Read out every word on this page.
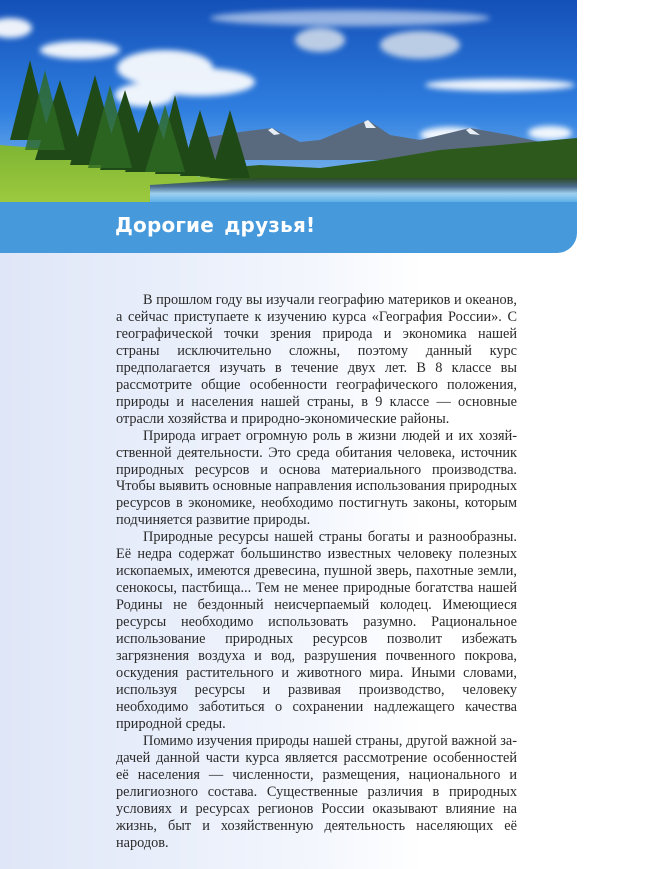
Дорогие друзья!

В прошлом году вы изучали географию материков и океанов, а сейчас приступаете к изучению курса «География России». С географической точки зрения природа и экономика нашей страны исключительно сложны, поэтому данный курс предполагается изучать в течение двух лет. В 8 классе вы рассмотрите общие особенности географического положения, природы и населения нашей страны, в 9 классе — основные отрасли хозяйства и природно-экономические районы.

Природа играет огромную роль в жизни людей и их хозяйственной деятельности. Это среда обитания человека, источник природных ресурсов и основа материального производства. Чтобы выявить основные направления использования природных ресурсов в экономике, необходимо постигнуть законы, которым подчиняется развитие природы.

Природные ресурсы нашей страны богаты и разнообразны. Её недра содержат большинство известных человеку полезных ископаемых, имеются древесина, пушной зверь, пахотные земли, сенокосы, пастбища... Тем не менее природные богатства нашей Родины не бездонный неисчерпаемый колодец. Имеющиеся ресурсы необходимо использовать разумно. Рациональное использование природных ресурсов позволит избежать загрязнения воздуха и вод, разрушения почвенного покрова, оскудения растительного и животного мира. Иными словами, используя ресурсы и развивая производство, человеку необходимо заботиться о сохранении надлежащего качества природной среды.

Помимо изучения природы нашей страны, другой важной задачей данной части курса является рассмотрение особенностей её населения — численности, размещения, национального и религиозного состава. Существенные различия в природных условиях и ресурсах регионов России оказывают влияние на жизнь, быт и хозяйственную деятельность населяющих её народов.
